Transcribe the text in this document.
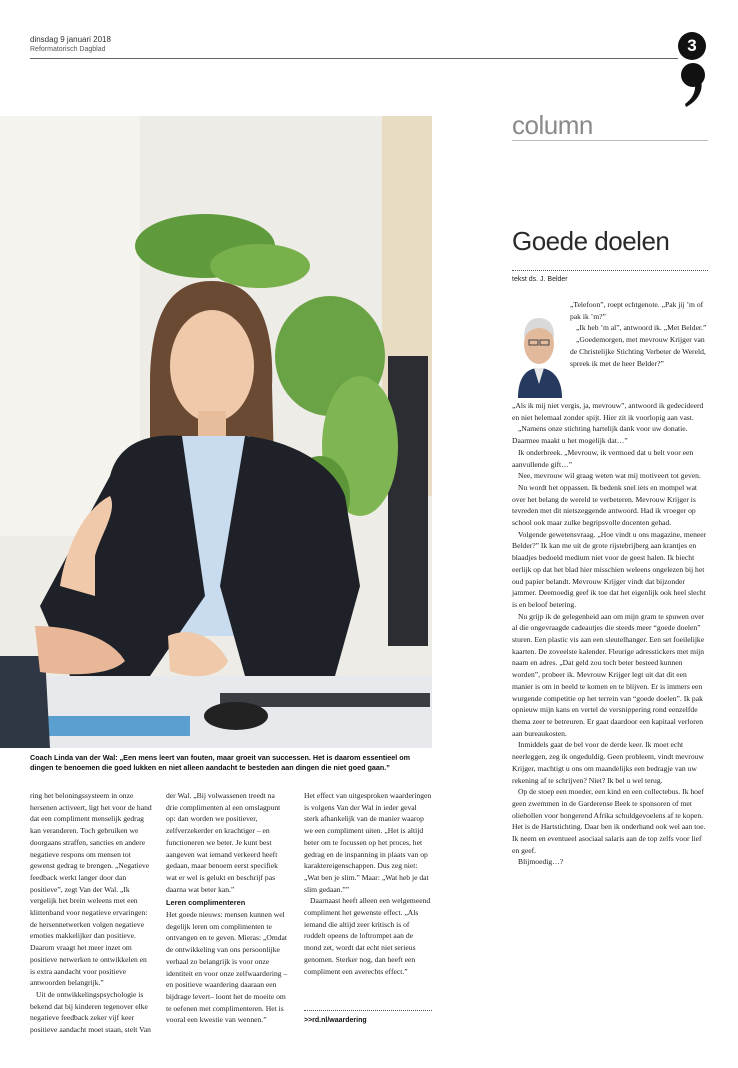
dinsdag 9 januari 2018
Reformatorisch Dagblad	3
Coach Linda van der Wal: „Een mens leert van fouten, maar groeit van successen. Het is daarom essentieel om dingen te benoemen die goed lukken en niet alleen aandacht te besteden aan dingen die niet goed gaan.”
column
Goede doelen
tekst ds. J. Belder

„Telefoon”, roept echtgenote. „Pak jij ’m of pak ik ’m?”

„Ik heb ’m al”, antwoord ik. „Met Belder.”

„Goedemorgen, met mevrouw Krijger van de Christelijke Stichting Verbeter de Wereld, spreek ik met de heer Belder?”

„Als ik mij niet vergis, ja, mevrouw”, antwoord ik gedecideerd en niet helemaal zonder spijt. Hier zit ik voorlopig aan vast.

„Namens onze stichting hartelijk dank voor uw donatie. Daarmee maakt u het mogelijk dat…”

Ik onderbreek. „Mevrouw, ik vermoed dat u belt voor een aanvullende gift…”

Nee, mevrouw wil graag weten wat mij motiveert tot geven.

Nu wordt het oppassen. Ik bedenk snel iets en mompel wat over het belang de wereld te verbeteren. Mevrouw Krijger is tevreden met dit nietszeggende antwoord. Had ik vroeger op school ook maar zulke begripsvolle docenten gehad.

Volgende gewetensvraag. „Hoe vindt u ons magazine, meneer Belder?” Ik kan me uit de grote rijstebrijberg aan krantjes en blaadjes bedoeld medium niet voor de geest halen. Ik biecht eerlijk op dat het blad hier misschien weleens ongelezen bij het oud papier belandt. Mevrouw Krijger vindt dat bijzonder jammer. Deemoedig geef ik toe dat het eigenlijk ook heel slecht is en beloof betering.

Nu grijp ik de gelegenheid aan om mijn gram te spuwen over al die ongevraagde cadeautjes die steeds meer “goede doelen” sturen. Een plastic vis aan een sleutelhanger. Een set foeilelijke kaarten. De zoveelste kalender. Fleurige adresstickers met mijn naam en adres. „Dat geld zou toch beter besteed kunnen worden”, probeer ik. Mevrouw Krijger legt uit dat dit een manier is om in beeld te komen en te blijven. Er is immers een wurgende competitie op het terrein van “goede doelen”. Ik pak opnieuw mijn kans en vertel de versnippering rond eenzelfde thema zeer te betreuren. Er gaat daardoor een kapitaal verloren aan bureaukosten.

Inmiddels gaat de bel voor de derde keer. Ik moet echt neerleggen, zeg ik ongeduldig. Geen probleem, vindt mevrouw Krijger, machtigt u ons om maandelijks een bedragje van uw rekening af te schrijven? Niet? Ik bel u wel terug.

Op de stoep een moeder, een kind en een collectebus. Ik hoef geen zwemmen in de Garderense Beek te sponsoren of met oliebollen voor hongerend Afrika schuldgevoelens af te kopen. Het is de Hartstichting. Daar ben ik onderhand ook wel aan toe. Ik neem en eventueel asociaal salaris aan de top zelfs voor lief en geef.

Blijmoedig…?

ring het beloningssysteem in onze hersenen activeert, ligt het voor de hand dat een compliment menselijk gedrag kan veranderen. Toch gebruiken we doorgaans straffen, sancties en andere negatieve respons om mensen tot gewenst gedrag te brengen. „Negatieve feedback werkt langer door dan positieve”, zegt Van der Wal. „Ik vergelijk het brein weleens met een klittenband voor negatieve ervaringen: de hersennetwerken volgen negatieve emoties makkelijker dan positieve. Daarom vraagt het meer inzet om positieve netwerken te ontwikkelen en is extra aandacht voor positieve antwoorden belangrijk.”

Uit de ontwikkelingspsychologie is bekend dat bij kinderen tegenover elke negatieve feedback zeker vijf keer positieve aandacht moet staan, stelt Van

der Wal. „Bij volwassenen treedt na drie complimenten al een omslagpunt op: dan worden we positiever, zelfverzekerder en krachtiger – en functioneren we beter. Je kunt best aangeven wat iemand verkeerd heeft gedaan, maar benoem eerst specifiek wat er wel is gelukt en beschrijf pas daarna wat beter kan.”

Leren complimenteren

Het goede nieuws: mensen kunnen wel degelijk leren om complimenten te ontvangen en te geven. Mieras: „Omdat de ontwikkeling van ons persoonlijke verhaal zo belangrijk is voor onze identiteit en voor onze zelfwaardering –en positieve waardering daaraan een bijdrage levert– loont het de moeite om te oefenen met complimenteren. Het is vooral een kwestie van wennen.”

Het effect van uitgesproken waarderingen is volgens Van der Wal in ieder geval sterk afhankelijk van de manier waarop we een compliment uiten. „Het is altijd beter om te focussen op het proces, het gedrag en de inspanning in plaats van op karaktereigenschappen. Dus zeg niet: „Wat ben je slim.” Maar: „Wat heb je dat slim gedaan.””

Daarnaast heeft alleen een welgemeend compliment het gewenste effect. „Als iemand die altijd zeer kritisch is of roddelt opeens de loftrompet aan de mond zet, wordt dat echt niet serieus genomen. Sterker nog, dan heeft een compliment een averechts effect.”

>>rd.nl/waardering
